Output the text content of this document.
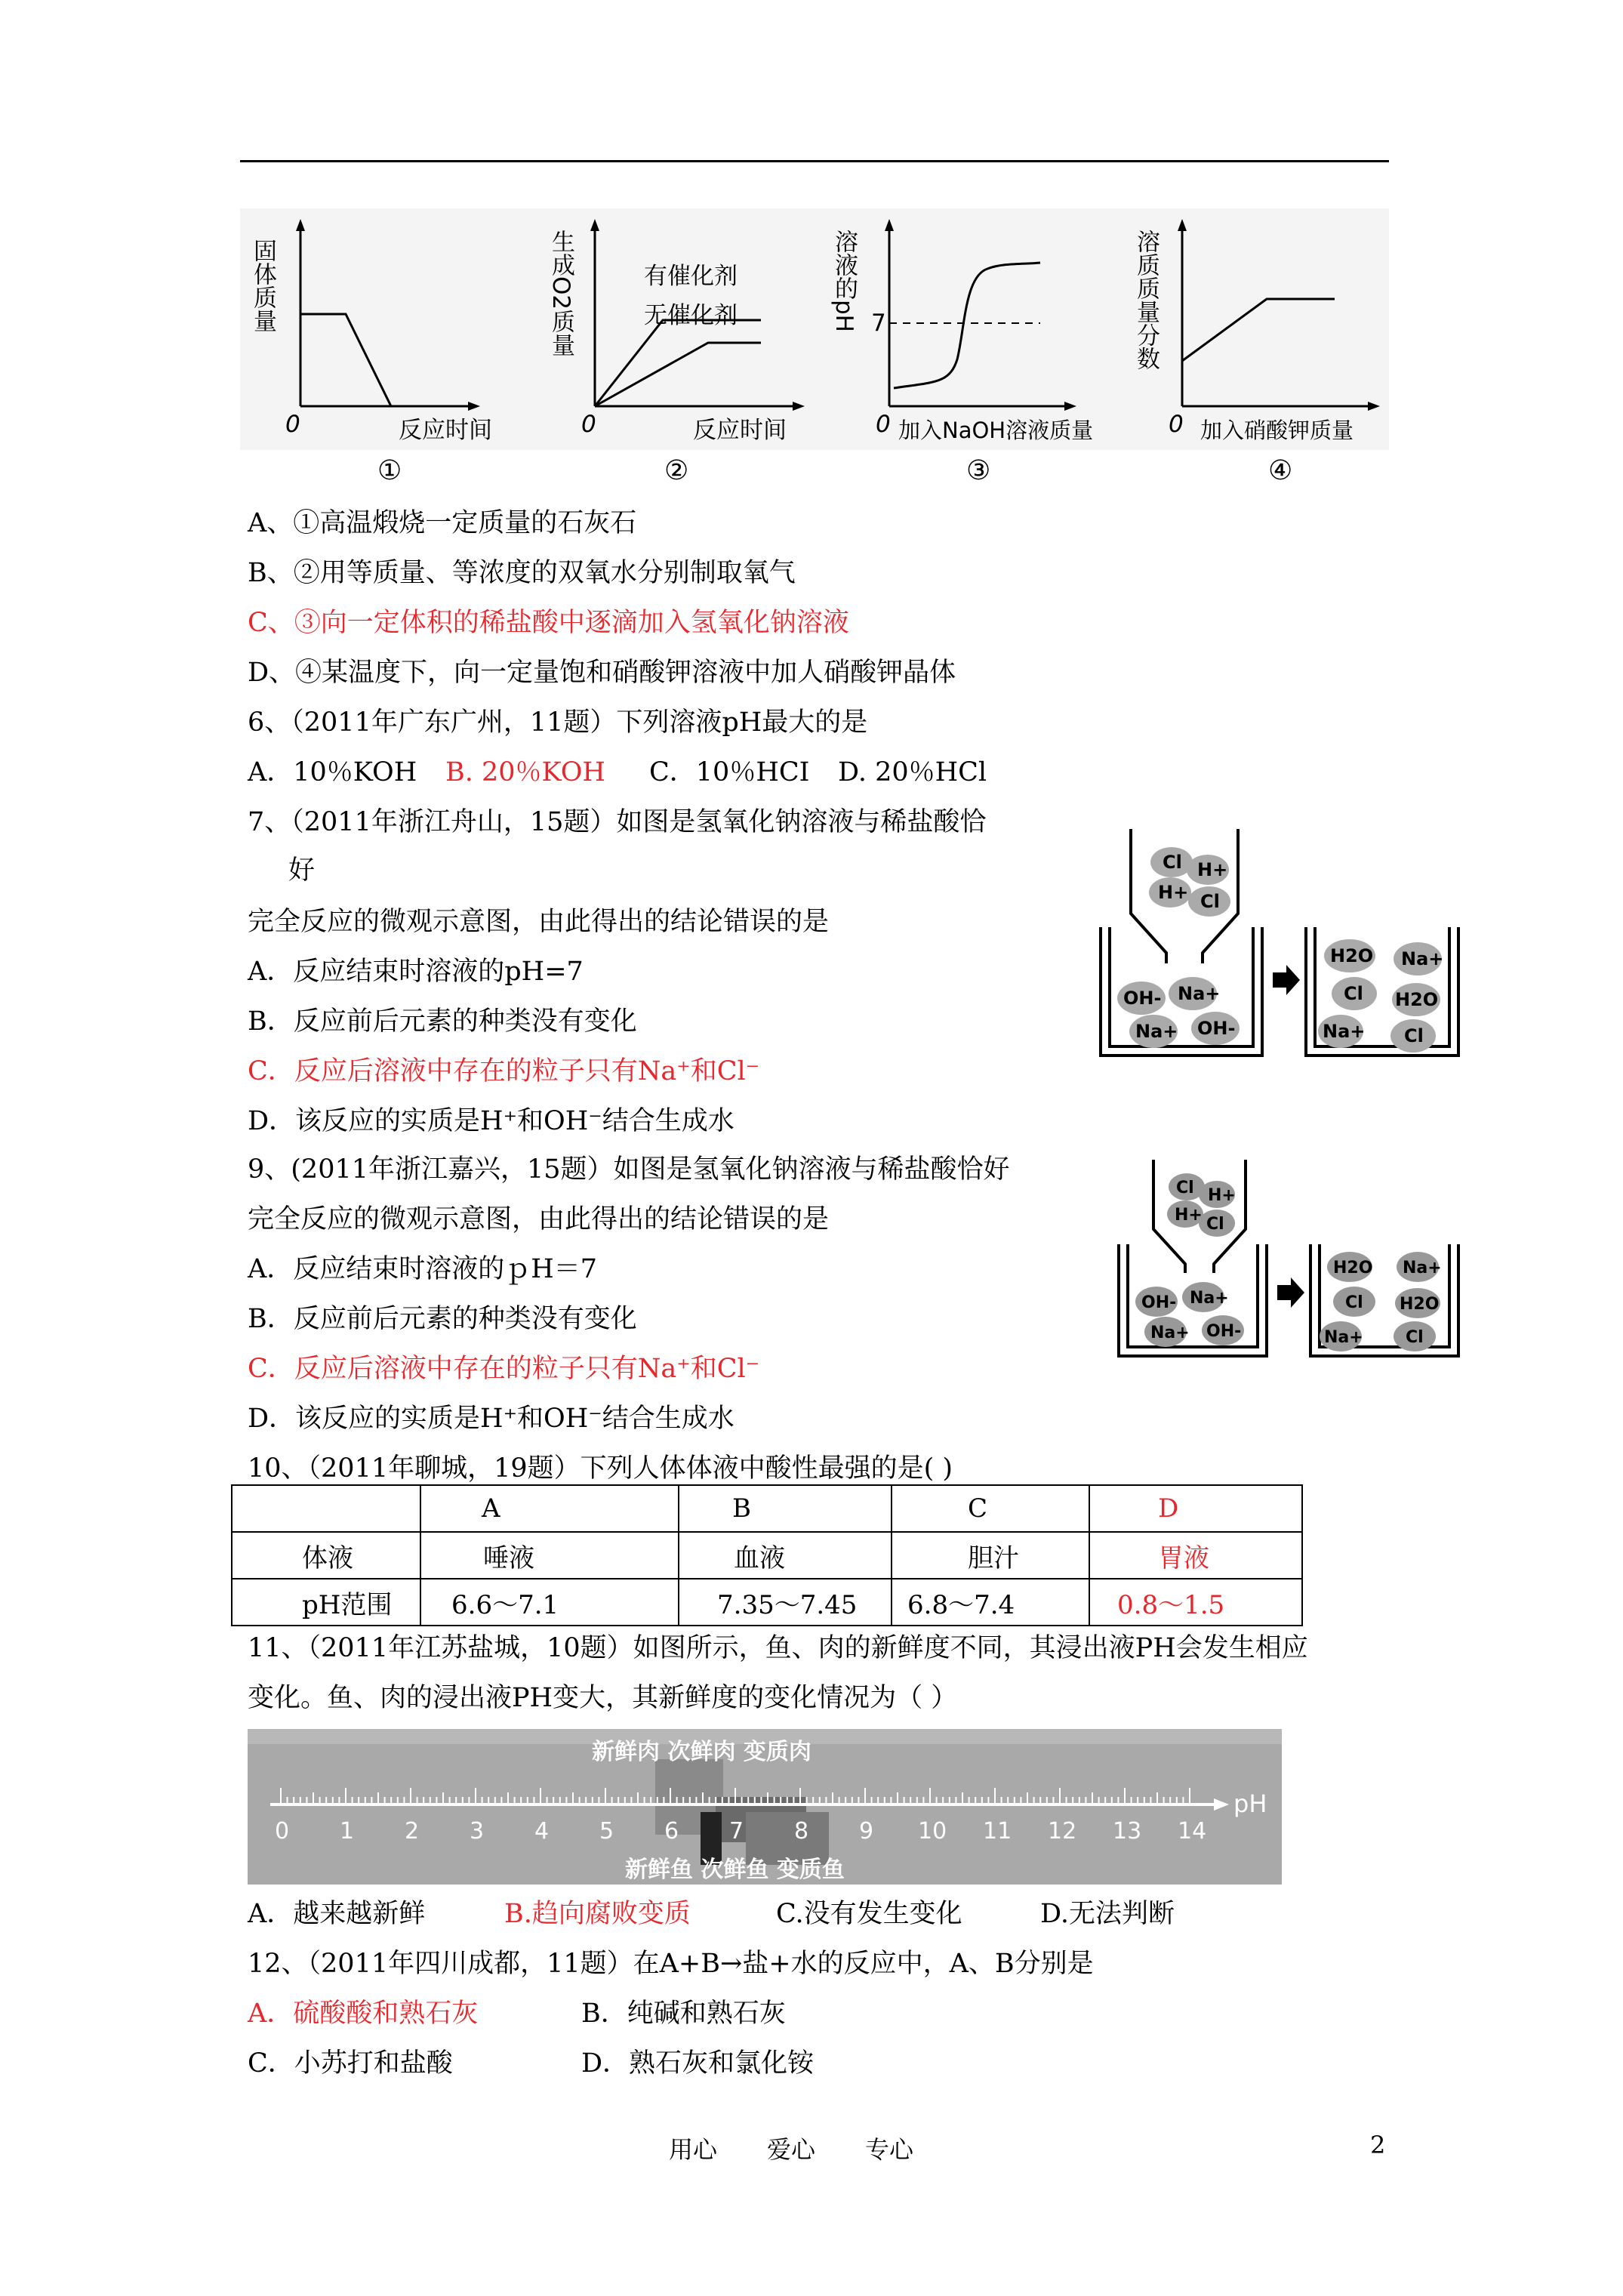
固体质量
0	反应时间
生成O2质量	有催化剂
无催化剂
0	反应时间
溶液的pH 7
0 加入NaOH溶液质量
溶质质量分数
0 加入硝酸钾质量
①	②	③	④
A、①高温煅烧一定质量的石灰石
B、②用等质量、等浓度的双氧水分别制取氧气
C、③向一定体积的稀盐酸中逐滴加入氢氧化钠溶液
D、④某温度下，向一定量饱和硝酸钾溶液中加人硝酸钾晶体
6、（2011年广东广州，11题）下列溶液pH最大的是
A．10％KOH B. 20％KOH C．10％HCI D. 20％HCl
7、（2011年浙江舟山，15题）如图是氢氧化钠溶液与稀盐酸恰
好
完全反应的微观示意图，由此得出的结论错误的是
A．反应结束时溶液的pH=7
B．反应前后元素的种类没有变化
C．反应后溶液中存在的粒子只有Na⁺和Cl⁻
D．该反应的实质是H⁺和OH⁻结合生成水
Cl H+
H+ Cl
OH- Na+
Na+ OH-
H2O Na+
Cl H2O
Na+ Cl
9、(2011年浙江嘉兴，15题）如图是氢氧化钠溶液与稀盐酸恰好
完全反应的微观示意图，由此得出的结论错误的是
A．反应结束时溶液的ｐH＝7
B．反应前后元素的种类没有变化
C．反应后溶液中存在的粒子只有Na⁺和Cl⁻
D．该反应的实质是H⁺和OH⁻结合生成水
Cl H+
H+ Cl
OH- Na+
Na+ OH-
H2O Na+
Cl H2O
Na+	Cl
10、（2011年聊城，19题）下列人体体液中酸性最强的是( )
	A	B	C	D
体液	唾液	血液	胆汁	胃液
pH范围	6.6～7.1	7.35～7.45	6.8～7.4	0.8～1.5
11、（2011年江苏盐城，10题）如图所示，鱼、肉的新鲜度不同，其浸出液PH会发生相应
变化。鱼、肉的浸出液PH变大，其新鲜度的变化情况为（ ）
新鲜肉 次鲜肉 变质肉
新鲜鱼 次鲜鱼 变质鱼
pH
0 1 2 3 4 5 6 7 8 9 10 11 12 13 14
A．越来越新鲜	B.趋向腐败变质	C.没有发生变化	D.无法判断
12、（2011年四川成都，11题）在A+B→盐+水的反应中，A、B分别是
A．硫酸酸和熟石灰	B．纯碱和熟石灰
C．小苏打和盐酸	D．熟石灰和氯化铵
用心 爱心 专心	2
